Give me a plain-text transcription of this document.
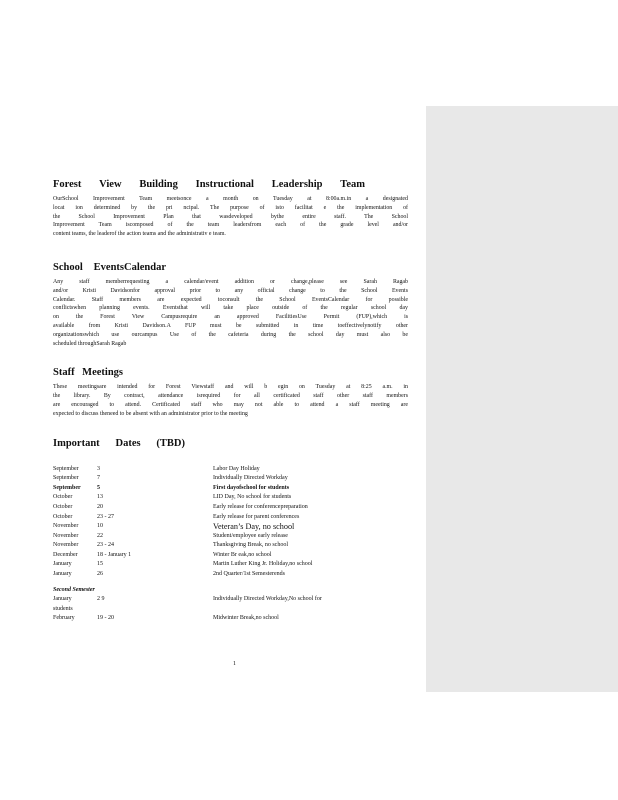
Forest View Building Instructional Leadership Team

OurSchool Improvement Team meetsonce a month on Tuesday at 8:00a.m.in a designated
locat ion determined by the pri ncipal. The purpose of isto facilitat e the implementation of
the School Improvement Plan that wasdeveloped bythe entire staff. The School
Improvement Team iscomposed of the team leadersfrom each of the grade level and/or
content teams, the leaderof the action teams and the administrativ e team.

School EventsCalendar

Any staff memberrequesting a calendar/event addition or change,please see Sarah Ragab
and/or Kristi Davidsonfor approval prior to any official change to the School Events
Calendar. Staff members are expected toconsult the School EventsCalendar for possible
conflictswhen planning events. Eventsthat will take place outside of the regular school day
on the Forest View Campusrequire an approved FacilitiesUse Permit (FUP),which is
available from Kristi Davidson.A FUP must be submitted in time toeffectivelynotify other
organizationswhich use ourcampus Use of the cafeteria during the school day must also be
scheduled throughSarah Ragab

Staff Meetings

These meetingsare intended for Forest Viewstaff and will b egin on Tuesday at 8:25 a.m. in
the library. By contract, attendance isrequired for all certificated staff other staff members
are encouraged to attend. Certificated staff who may not able to attend a staff meeting are
expected to discuss theneed to be absent with an administrator prior to the meeting

Important Dates (TBD)
September	3	Labor Day Holiday
September	7	Individually Directed Workday
September	5	First dayofschool for students
October	13	LID Day, No school for students
October	20	Early release for conferencepreparation
October	23 - 27	Early release for parent conferences
November	10	Veteran’s Day, no school
November	22	Student/employee early release
November	23 - 24	Thanksgiving Break, no school
December	18 - January 1	Winter Br eak,no school
January	15	Martin Luther King Jr. Holiday,no school
January	26	2nd Quarter/1st Semesterends
Second Semester
January	2 9	Individually Directed Workday,No school for
students
February	19 - 20	Midwinter Break,no school
1
